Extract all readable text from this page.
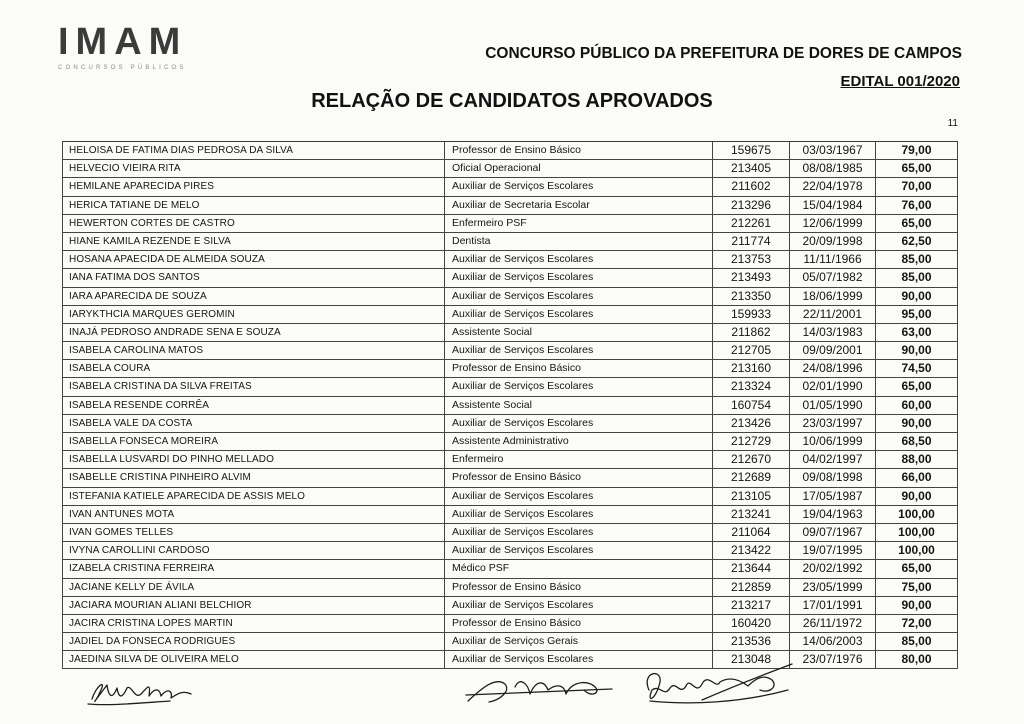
IMAM
CONCURSOS PÚBLICOS
CONCURSO PÚBLICO DA PREFEITURA DE DORES DE CAMPOS
EDITAL 001/2020
RELAÇÃO DE CANDIDATOS APROVADOS
11
HELOISA DE FATIMA DIAS PEDROSA DA SILVA	Professor de Ensino Básico	159675	03/03/1967	79,00
HELVECIO VIEIRA RITA	Oficial Operacional	213405	08/08/1985	65,00
HEMILANE APARECIDA PIRES	Auxiliar de Serviços Escolares	211602	22/04/1978	70,00
HERICA TATIANE DE MELO	Auxiliar de Secretaria Escolar	213296	15/04/1984	76,00
HEWERTON CORTES DE CASTRO	Enfermeiro PSF	212261	12/06/1999	65,00
HIANE KAMILA REZENDE E SILVA	Dentista	211774	20/09/1998	62,50
HOSANA APAECIDA DE ALMEIDA SOUZA	Auxiliar de Serviços Escolares	213753	11/11/1966	85,00
IANA FATIMA DOS SANTOS	Auxiliar de Serviços Escolares	213493	05/07/1982	85,00
IARA APARECIDA DE SOUZA	Auxiliar de Serviços Escolares	213350	18/06/1999	90,00
IARYKTHCIA MARQUES GEROMIN	Auxiliar de Serviços Escolares	159933	22/11/2001	95,00
INAJÁ PEDROSO ANDRADE SENA E SOUZA	Assistente Social	211862	14/03/1983	63,00
ISABELA CAROLINA MATOS	Auxiliar de Serviços Escolares	212705	09/09/2001	90,00
ISABELA COURA	Professor de Ensino Básico	213160	24/08/1996	74,50
ISABELA CRISTINA DA SILVA FREITAS	Auxiliar de Serviços Escolares	213324	02/01/1990	65,00
ISABELA RESENDE CORRÊA	Assistente Social	160754	01/05/1990	60,00
ISABELA VALE DA COSTA	Auxiliar de Serviços Escolares	213426	23/03/1997	90,00
ISABELLA FONSECA MOREIRA	Assistente Administrativo	212729	10/06/1999	68,50
ISABELLA LUSVARDI DO PINHO MELLADO	Enfermeiro	212670	04/02/1997	88,00
ISABELLE CRISTINA PINHEIRO ALVIM	Professor de Ensino Básico	212689	09/08/1998	66,00
ISTEFANIA KATIELE APARECIDA DE ASSIS MELO	Auxiliar de Serviços Escolares	213105	17/05/1987	90,00
IVAN ANTUNES MOTA	Auxiliar de Serviços Escolares	213241	19/04/1963	100,00
IVAN GOMES TELLES	Auxiliar de Serviços Escolares	211064	09/07/1967	100,00
IVYNA CAROLLINI CARDOSO	Auxiliar de Serviços Escolares	213422	19/07/1995	100,00
IZABELA CRISTINA FERREIRA	Médico PSF	213644	20/02/1992	65,00
JACIANE KELLY DE ÁVILA	Professor de Ensino Básico	212859	23/05/1999	75,00
JACIARA MOURIAN ALIANI BELCHIOR	Auxiliar de Serviços Escolares	213217	17/01/1991	90,00
JACIRA CRISTINA LOPES MARTIN	Professor de Ensino Básico	160420	26/11/1972	72,00
JADIEL DA FONSECA RODRIGUES	Auxiliar de Serviços Gerais	213536	14/06/2003	85,00
JAEDINA SILVA DE OLIVEIRA MELO	Auxiliar de Serviços Escolares	213048	23/07/1976	80,00
